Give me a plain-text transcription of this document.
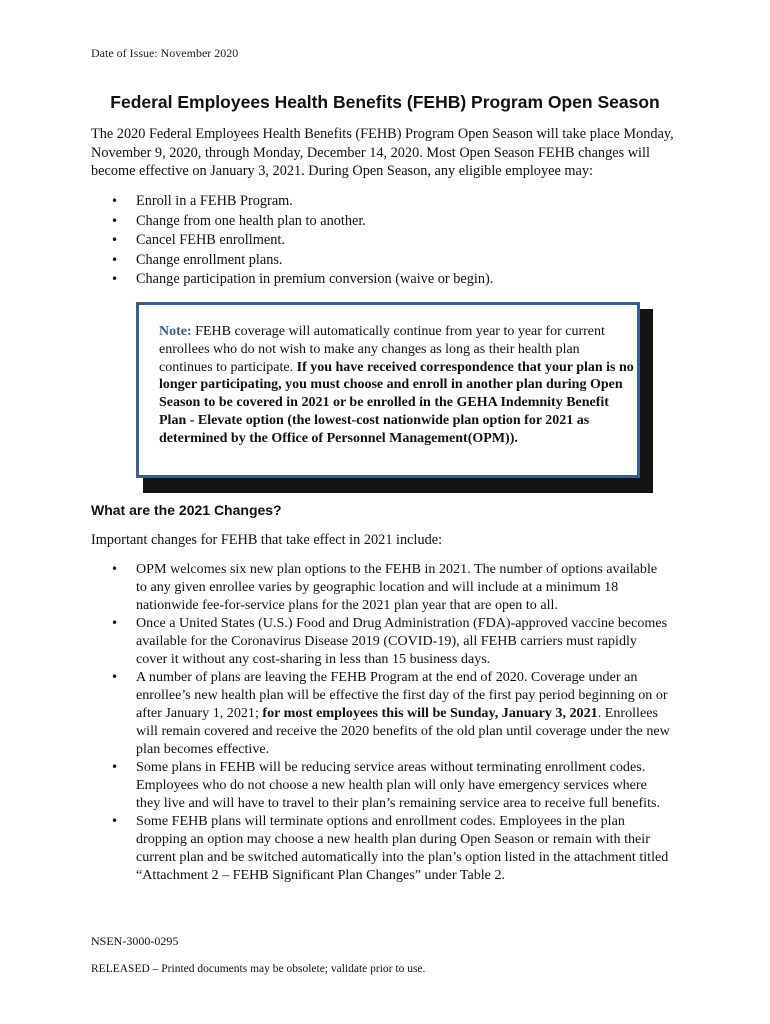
Date of Issue: November 2020
Federal Employees Health Benefits (FEHB) Program Open Season

The 2020 Federal Employees Health Benefits (FEHB) Program Open Season will take place Monday, November 9, 2020, through Monday, December 14, 2020. Most Open Season FEHB changes will become effective on January 3, 2021. During Open Season, any eligible employee may:

• Enroll in a FEHB Program.
• Change from one health plan to another.
• Cancel FEHB enrollment.
• Change enrollment plans.
• Change participation in premium conversion (waive or begin).

Note: FEHB coverage will automatically continue from year to year for current enrollees who do not wish to make any changes as long as their health plan continues to participate. If you have received correspondence that your plan is no longer participating, you must choose and enroll in another plan during Open Season to be covered in 2021 or be enrolled in the GEHA Indemnity Benefit Plan - Elevate option (the lowest-cost nationwide plan option for 2021 as determined by the Office of Personnel Management(OPM)).

What are the 2021 Changes?

Important changes for FEHB that take effect in 2021 include:

• OPM welcomes six new plan options to the FEHB in 2021. The number of options available to any given enrollee varies by geographic location and will include at a minimum 18 nationwide fee-for-service plans for the 2021 plan year that are open to all.
• Once a United States (U.S.) Food and Drug Administration (FDA)-approved vaccine becomes available for the Coronavirus Disease 2019 (COVID-19), all FEHB carriers must rapidly cover it without any cost-sharing in less than 15 business days.
• A number of plans are leaving the FEHB Program at the end of 2020. Coverage under an enrollee’s new health plan will be effective the first day of the first pay period beginning on or after January 1, 2021; for most employees this will be Sunday, January 3, 2021. Enrollees will remain covered and receive the 2020 benefits of the old plan until coverage under the new plan becomes effective.
• Some plans in FEHB will be reducing service areas without terminating enrollment codes. Employees who do not choose a new health plan will only have emergency services where they live and will have to travel to their plan’s remaining service area to receive full benefits.
• Some FEHB plans will terminate options and enrollment codes. Employees in the plan dropping an option may choose a new health plan during Open Season or remain with their current plan and be switched automatically into the plan’s option listed in the attachment titled “Attachment 2 – FEHB Significant Plan Changes” under Table 2.
NSEN-3000-0295
RELEASED – Printed documents may be obsolete; validate prior to use.
